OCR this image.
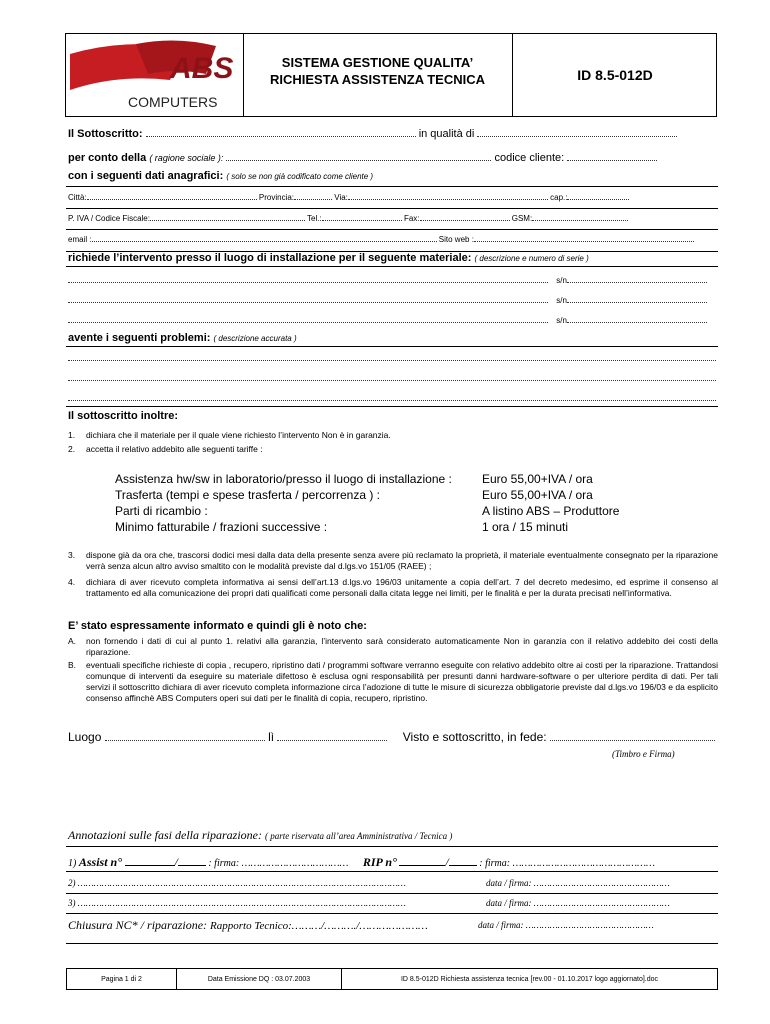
ABS
COMPUTERS
SISTEMA GESTIONE QUALITA’
RICHIESTA ASSISTENZA TECNICA	ID 8.5-012D
Il Sottoscritto:	in qualità di
per conto della ( ragione sociale ):	codice cliente:
con i seguenti dati anagrafici: ( solo se non già codificato come cliente )
Città:	Provincia:	Via:	cap.:
P. IVA / Codice Fiscale:	Tel.:	Fax:	GSM:
email :	Sito web :
richiede l’intervento presso il luogo di installazione per il seguente materiale: ( descrizione e numero di serie )
s/n
s/n
s/n
avente i seguenti problemi: ( descrizione accurata )
Il sottoscritto inoltre:
1. dichiara che il materiale per il quale viene richiesto l’intervento Non è in garanzia.
2. accetta il relativo addebito alle seguenti tariffe :
Assistenza hw/sw in laboratorio/presso il luogo di installazione :	Euro 55,00+IVA / ora
Trasferta (tempi e spese trasferta / percorrenza ) :	Euro 55,00+IVA / ora
Parti di ricambio :	A listino ABS – Produttore
Minimo fatturabile / frazioni successive :	1 ora / 15 minuti
3. dispone già da ora che, trascorsi dodici mesi dalla data della presente senza avere più reclamato la proprietà, il materiale eventualmente consegnato per la riparazione verrà senza alcun altro avviso smaltito con le modalità previste dal d.lgs.vo 151/05 (RAEE) ;
4. dichiara di aver ricevuto completa informativa ai sensi dell’art.13 d.lgs.vo 196/03 unitamente a copia dell’art. 7 del decreto medesimo, ed esprime il consenso al trattamento ed alla comunicazione dei propri dati qualificati come personali dalla citata legge nei limiti, per le finalità e per la durata precisati nell’informativa.
E’ stato espressamente informato e quindi gli è noto che:
A. non fornendo i dati di cui al punto 1. relativi alla garanzia, l’intervento sarà considerato automaticamente Non in garanzia con il relativo addebito dei costi della riparazione.
B. eventuali specifiche richieste di copia , recupero, ripristino dati / programmi software verranno eseguite con relativo addebito oltre ai costi per la riparazione. Trattandosi comunque di interventi da eseguire su materiale difettoso è esclusa ogni responsabilità per presunti danni hardware-software o per ulteriore perdita di dati. Per tali servizi il sottoscritto dichiara di aver ricevuto completa informazione circa l’adozione di tutte le misure di sicurezza obbligatorie previste dal d.lgs.vo 196/03 e da esplicito consenso affinchè ABS Computers operi sui dati per le finalità di copia, recupero, ripristino.
Luogo	lì	Visto e sottoscritto, in fede:
(Timbro e Firma)
Annotazioni sulle fasi della riparazione: ( parte riservata all’area Amministrativa / Tecnica )
1) Assist n°	/	: firma: ……………………………… RIP n°	/	: firma: …………………………………………
2) ……………………………………………………………………………………………………………	data / firma: ……………………………………………
3) ……………………………………………………………………………………………………………	data / firma: ……………………………………………
Chiusura NC* / riparazione: Rapporto Tecnico:………/………./…………………	data / firma: …………………………………………
Pagina 1 di 2	Data Emissione DQ : 03.07.2003	ID 8.5-012D Richiesta assistenza tecnica [rev.00 - 01.10.2017 logo aggiornato].doc
